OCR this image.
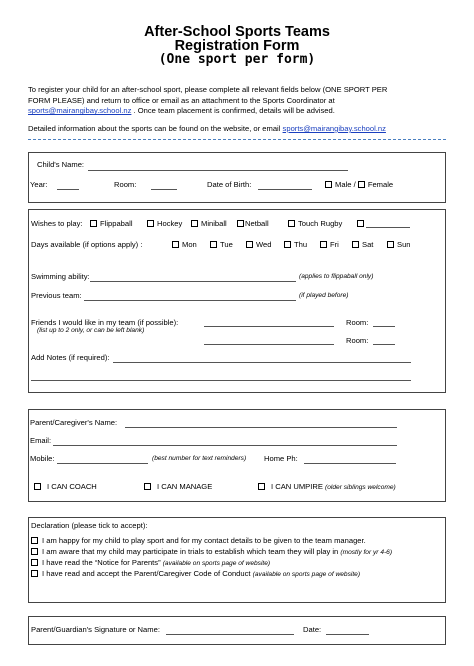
After-School Sports Teams
Registration Form
(One sport per form)
To register your child for an after-school sport, please complete all relevant fields below (ONE SPORT PER
FORM PLEASE) and return to office or email as an attachment to the Sports Coordinator at
sports@mairangibay.school.nz . Once team placement is confirmed, details will be advised.
Detailed information about the sports can be found on the website, or email sports@mairangibay.school.nz
Child's Name:
Year:	Room:	Date of Birth:	Male / Female
Wishes to play:	Flippaball	Hockey	Miniball	Netball	Touch Rugby
Days available (if options apply) :	Mon	Tue	Wed	Thu	Fri	Sat	Sun
Swimming ability:	(applies to flippaball only)
Previous team:	(if played before)
Friends I would like in my team (if possible):
(list up to 2 only, or can be left blank)
Room:
Room:
Add Notes (if required):
Parent/Caregiver's Name:
Email:
Mobile:	(best number for text reminders) Home Ph:
I CAN COACH	I CAN MANAGE	I CAN UMPIRE (older siblings welcome)
Declaration (please tick to accept):
I am happy for my child to play sport and for my contact details to be given to the team manager.
I am aware that my child may participate in trials to establish which team they will play in (mostly for yr 4-6)
I have read the “Notice for Parents” (available on sports page of website)
I have read and accept the Parent/Caregiver Code of Conduct (available on sports page of website)
Parent/Guardian's Signature or Name:	Date:
